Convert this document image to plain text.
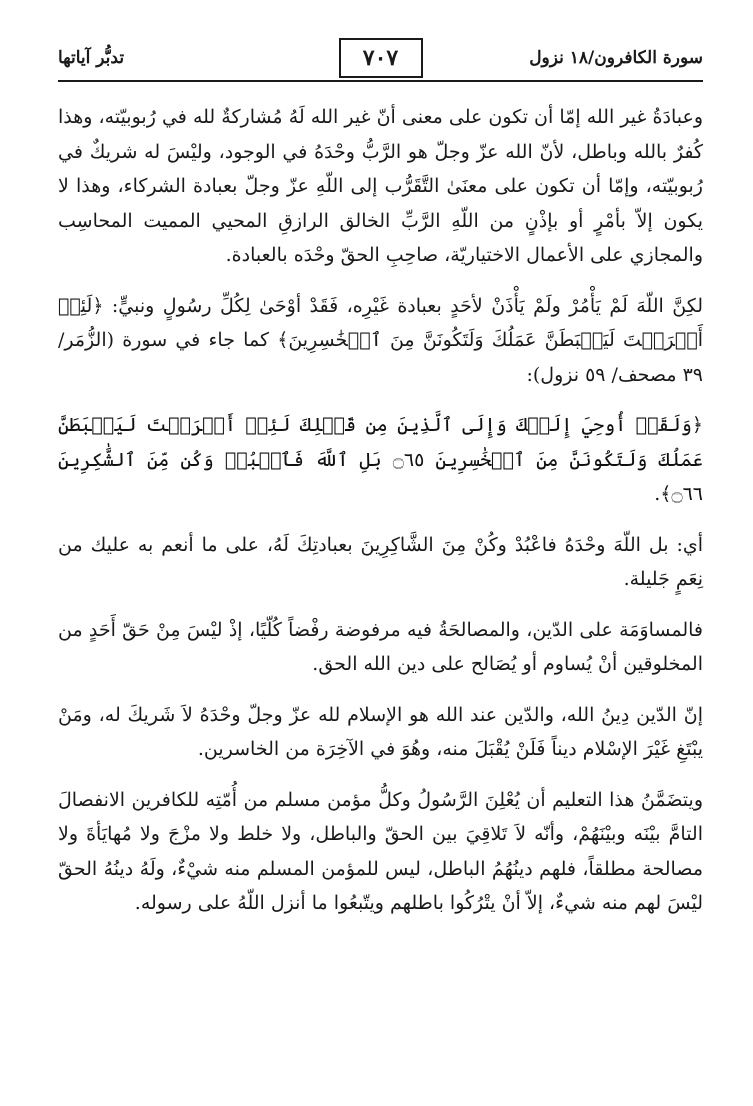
سورة الكافرون/١٨ نزول
٧٠٧
تدبُّر آياتها

وعبادَةُ غير الله إمّا أن تكون على معنى أنّ غير الله لَهُ مُشاركةٌ لله في رُبوبيّته، وهذا كُفرٌ بالله وباطل، لأنّ الله عزّ وجلّ هو الرَّبُّ وحْدَهُ في الوجود، وليْسَ له شريكٌ في رُبوبيّته، وإمّا أن تكون على معنَىٰ التَّقَرُّب إلى اللّهِ عزّ وجلّ بعبادة الشركاء، وهذا لا يكون إلاّ بأمْرٍ أو بإذْنٍ من اللّهِ الرَّبِّ الخالق الرازقِ المحيي المميت المحاسِب والمجازي على الأعمال الاختياريّة، صاحِبِ الحقّ وحْدَه بالعبادة.

لكِنَّ اللّهَ لَمْ يَأْمُرْ ولَمْ يَأْذَنْ لأحَدٍ بعبادة غَيْرِه، فَقَدْ أوْحَىٰ لِكُلِّ رسُولٍ ونبيٍّ: ﴿لَئِنۡ أَشۡرَكۡتَ لَيَحۡبَطَنَّ عَمَلُكَ وَلَتَكُونَنَّ مِنَ ٱلۡخَٰسِرِينَ﴾ كما جاء في سورة (الزُّمَر/ ٣٩ مصحف/ ٥٩ نزول):

﴿وَلَقَدۡ أُوحِيَ إِلَيۡكَ وَإِلَى ٱلَّذِينَ مِن قَبۡلِكَ لَئِنۡ أَشۡرَكۡتَ لَيَحۡبَطَنَّ عَمَلُكَ وَلَتَكُونَنَّ مِنَ ٱلۡخَٰسِرِينَ ۝٦٥ بَلِ ٱللَّهَ فَٱعۡبُدۡ وَكُن مِّنَ ٱلشَّٰكِرِينَ ۝٦٦﴾.

أي: بل اللّهَ وحْدَهُ فاعْبُدْ وكُنْ مِنَ الشَّاكِرِينَ بعبادتِكَ لَهُ، على ما أنعم به عليك من نِعَمٍ جَليلة.

فالمساوَمَة على الدّين، والمصالحَةُ فيه مرفوضة رفْضاً كُلّيًا، إذْ ليْسَ مِنْ حَقّ أَحَدٍ من المخلوقين أنْ يُساوم أو يُصَالح على دين الله الحق.

إنّ الدّين دِينُ الله، والدّين عند الله هو الإسلام لله عزّ وجلّ وحْدَهُ لاَ شَريكَ له، ومَنْ يبْتَغِ غَيْرَ الإسْلام ديناً فَلَنْ يُقْبَلَ منه، وهُوَ في الآخِرَة من الخاسرين.

ويتضَمَّنُ هذا التعليم أن يُعْلِنَ الرَّسُولُ وكلُّ مؤمن مسلم من أُمّتِه للكافرين الانفصالَ التامَّ بيْنَه وبيْنَهُمْ، وأنّه لاَ تَلاقِيَ بين الحقّ والباطل، ولا خلط ولا مزْجَ ولا مُهايَأةَ ولا مصالحة مطلقاً، فلهم دينُهُمُ الباطل، ليس للمؤمن المسلم منه شيْءٌ، ولَهُ دينُهُ الحقّ ليْسَ لهم منه شيءٌ، إلاّ أنْ يتْرُكُوا باطلهم ويتّبعُوا ما أنزل اللّهُ على رسوله.
